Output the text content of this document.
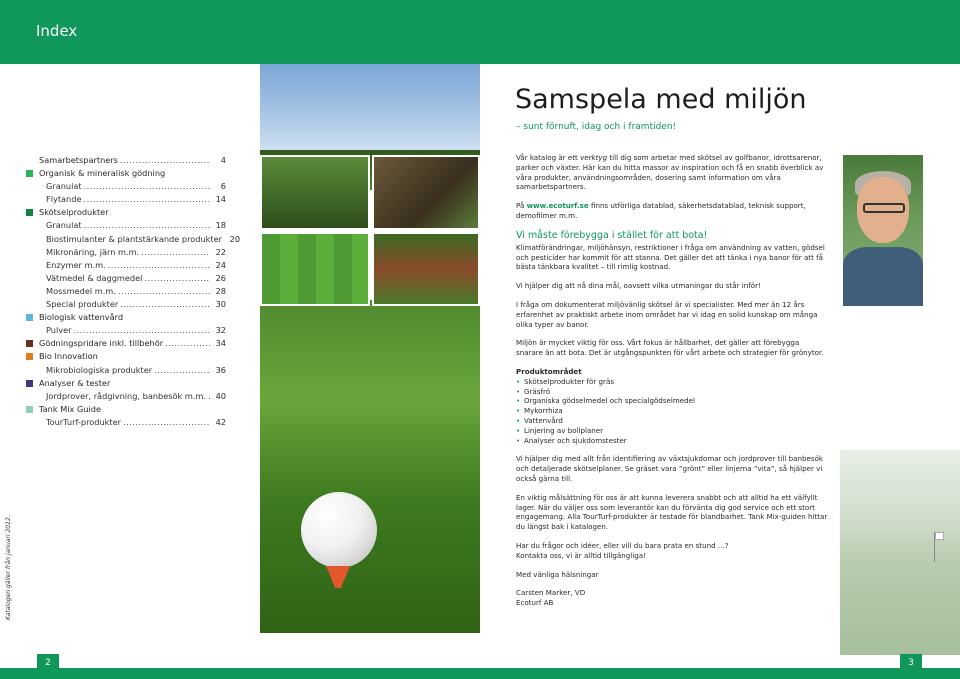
Index
Samarbetspartners .....	4
Organisk & mineralisk gödning
Granulat .....	6
Flytande .....	14
Skötselprodukter
Granulat .....	18
Biostimulanter & plantstärkande produkter 20
Mikronäring, järn m.m. .....	22
Enzymer m.m. .....	24
Vätmedel & daggmedel .....	26
Mossmedel m.m. .....	28
Special produkter .....	30
Biologisk vattenvård
Pulver .....	32
Gödningspridare inkl. tillbehör .....	34
Bio Innovation
Mikrobiologiska produkter .....	36
Analyser & tester
Jordprover, rådgivning, banbesök m.m. .....	40
Tank Mix Guide
TourTurf-produkter .....	42
Samspela med miljön
– sunt förnuft, idag och i framtiden!

Vår katalog är ett verktyg till dig som arbetar med skötsel av golfbanor, idrottsarenor, parker och växter. Här kan du hitta massor av inspiration och få en snabb överblick av våra produkter, användningsområden, dosering samt information om våra samarbetspartners.

På www.ecoturf.se finns utförliga datablad, säkerhetsdatablad, teknisk support, demofilmer m.m.

Vi måste förebygga i stället för att bota!

Klimatförändringar, miljöhänsyn, restriktioner i fråga om användning av vatten, gödsel och pesticider har kommit för att stanna. Det gäller det att tänka i nya banor för att få bästa tänkbara kvalitet – till rimlig kostnad.

Vi hjälper dig att nå dina mål, oavsett vilka utmaningar du står inför!

I fråga om dokumenterat miljövänlig skötsel är vi specialister. Med mer än 12 års erfarenhet av praktiskt arbete inom området har vi idag en solid kunskap om många olika typer av banor.

Miljön är mycket viktig för oss. Vårt fokus är hållbarhet, det gäller att förebygga snarare än att bota. Det är utgångspunkten för vårt arbete och strategier för grönytor.

Produktområdet
• Skötselprodukter för gräs
• Gräsfrö
• Organiska gödselmedel och specialgödselmedel
• Mykorrhiza
• Vattenvård
• Linjering av bollplaner
• Analyser och sjukdomstester

Vi hjälper dig med allt från identifiering av växtsjukdomar och jordprover till banbesök och detaljerade skötselplaner. Se gräset vara ”grönt” eller linjerna ”vita”, så hjälper vi också gärna till.

En viktig målsättning för oss är att kunna leverera snabbt och att alltid ha ett välfyllt lager. När du väljer oss som leverantör kan du förvänta dig god service och ett stort engagemang. Alla TourTurf-produkter är testade för blandbarhet. Tank Mix-guiden hittar du längst bak i katalogen.

Har du frågor och idéer, eller vill du bara prata en stund ...?
Kontakta oss, vi är alltid tillgängliga!

Med vänliga hälsningar

Carsten Marker, VD
Ecoturf AB

Katalogen gäller från januari 2012.
2	3
